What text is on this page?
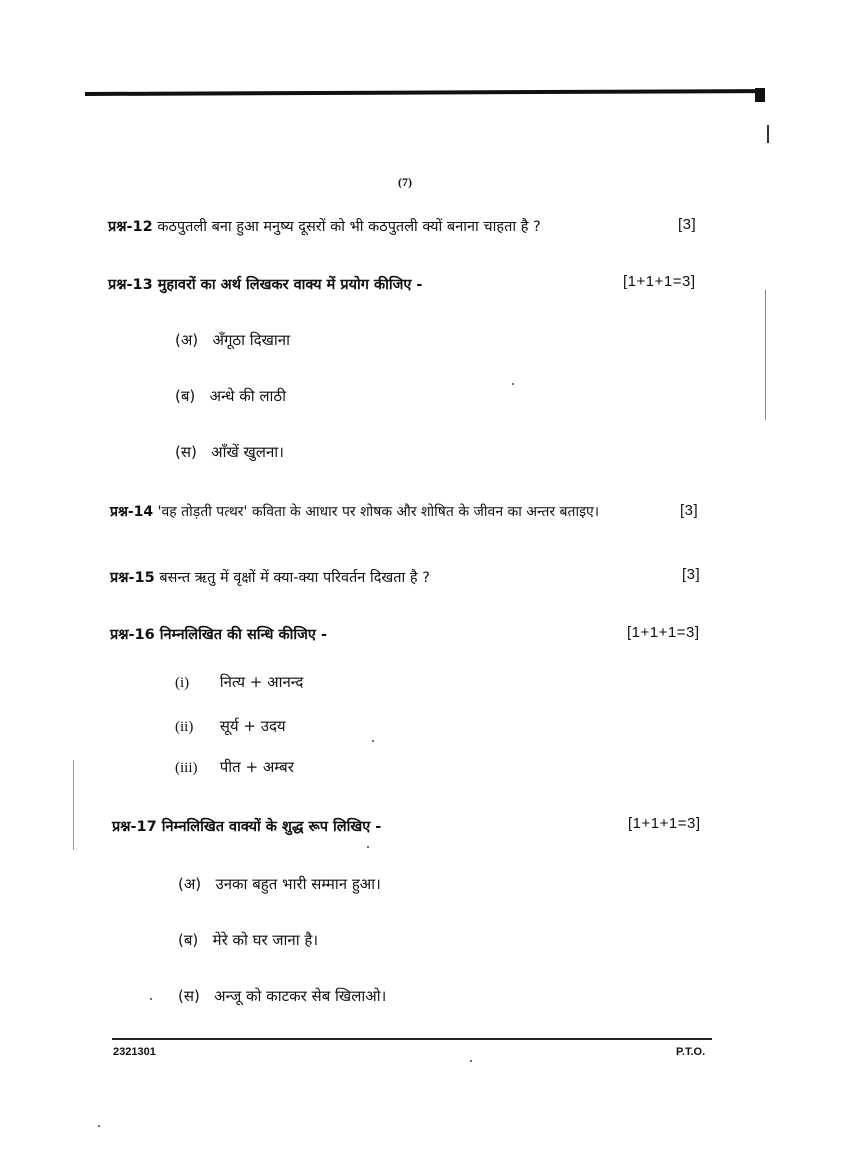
(7)
प्रश्न-12 कठपुतली बना हुआ मनुष्य दूसरों को भी कठपुतली क्यों बनाना चाहता है ?	[3]
प्रश्न-13 मुहावरों का अर्थ लिखकर वाक्य में प्रयोग कीजिए -	[1+1+1=3]
(अ) अँगूठा दिखाना
(ब) अन्धे की लाठी
(स) आँखें खुलना।
प्रश्न-14 'वह तोड़ती पत्थर' कविता के आधार पर शोषक और शोषित के जीवन का अन्तर बताइए।	[3]
प्रश्न-15 बसन्त ऋतु में वृक्षों में क्या-क्या परिवर्तन दिखता है ?	[3]
प्रश्न-16 निम्नलिखित की सन्धि कीजिए -	[1+1+1=3]
(i) नित्य + आनन्द
(ii) सूर्य + उदय
(iii) पीत + अम्बर
प्रश्न-17 निम्नलिखित वाक्यों के शुद्ध रूप लिखिए -	[1+1+1=3]
(अ) उनका बहुत भारी सम्मान हुआ।
(ब) मेरे को घर जाना है।
(स) अन्जू को काटकर सेब खिलाओ।
2321301	P.T.O.
